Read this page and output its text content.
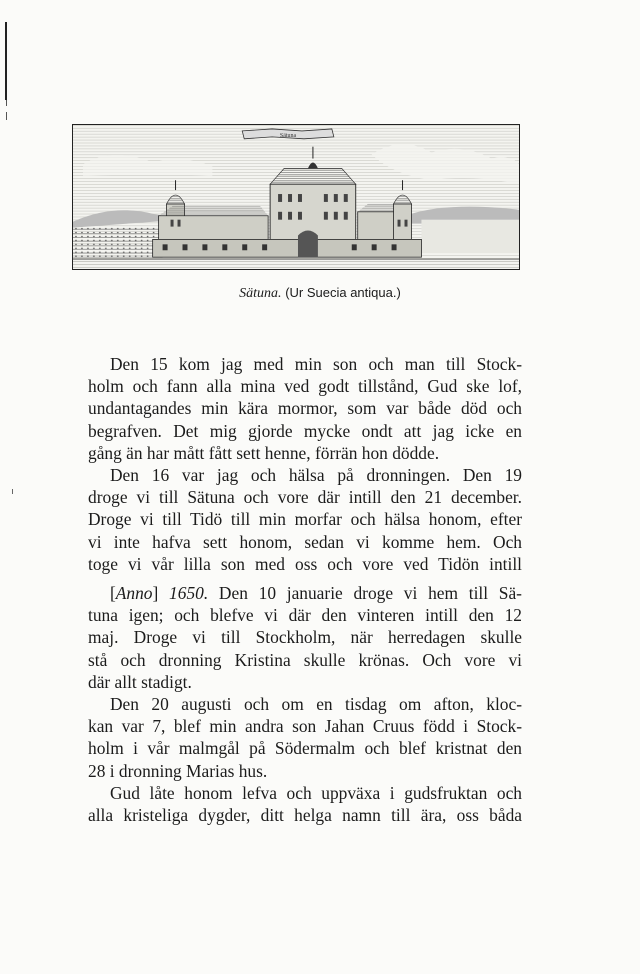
Sätuna
Sätuna. (Ur Suecia antiqua.)
Den 15 kom jag med min son och man till Stock-
holm och fann alla mina ved godt tillstånd, Gud ske lof,
undantagandes min kära mormor, som var både död och
begrafven. Det mig gjorde mycke ondt att jag icke en
gång än har mått fått sett henne, förrän hon dödde.
Den 16 var jag och hälsa på dronningen. Den 19
droge vi till Sätuna och vore där intill den 21 december.
Droge vi till Tidö till min morfar och hälsa honom, efter
vi inte hafva sett honom, sedan vi komme hem. Och
toge vi vår lilla son med oss och vore ved Tidön intill
[Anno] 1650. Den 10 januarie droge vi hem till Sä-
tuna igen; och blefve vi där den vinteren intill den 12
maj. Droge vi till Stockholm, när herredagen skulle
stå och dronning Kristina skulle krönas. Och vore vi
där allt stadigt.
Den 20 augusti och om en tisdag om afton, kloc-
kan var 7, blef min andra son Jahan Cruus född i Stock-
holm i vår malmgål på Södermalm och blef kristnat den
28 i dronning Marias hus.
Gud låte honom lefva och uppväxa i gudsfruktan och
alla kristeliga dygder, ditt helga namn till ära, oss båda
